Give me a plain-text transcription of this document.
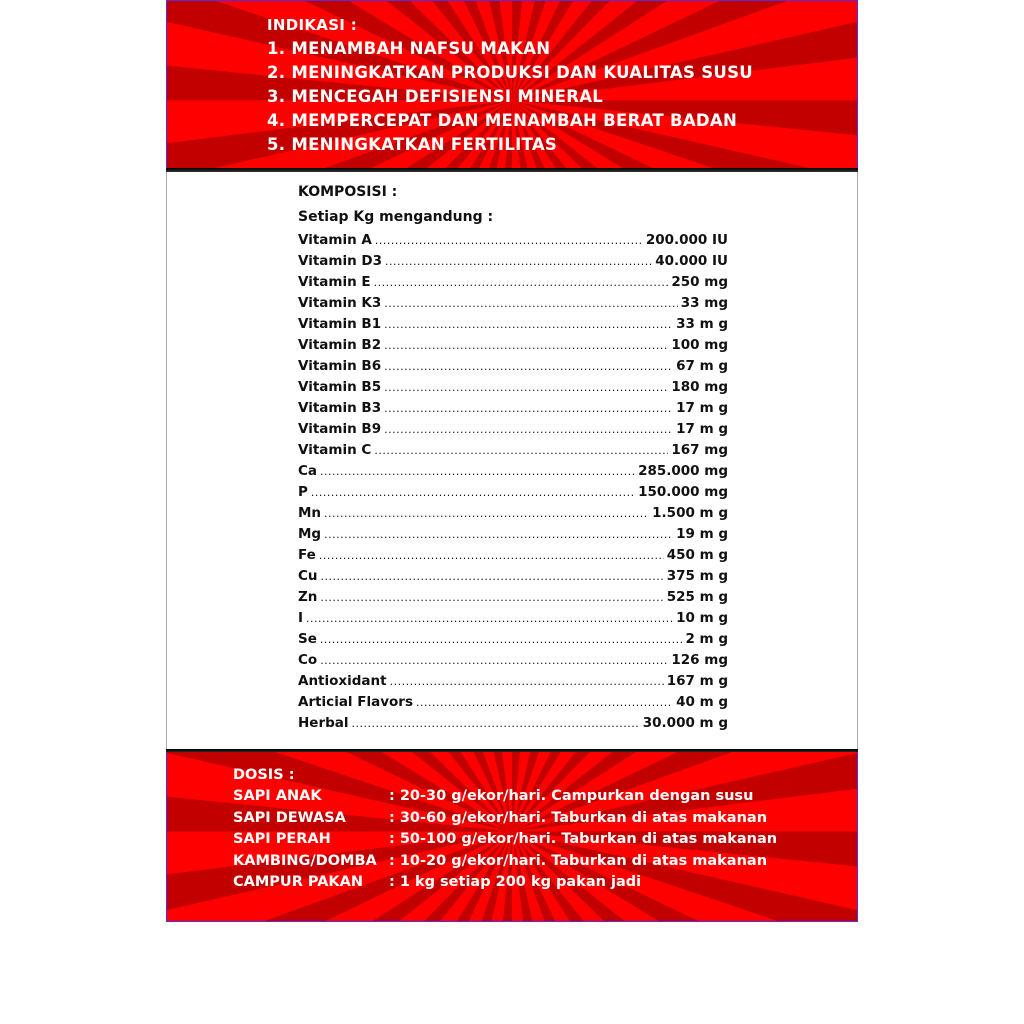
INDIKASI :
1. MENAMBAH NAFSU MAKAN
2. MENINGKATKAN PRODUKSI DAN KUALITAS SUSU
3. MENCEGAH DEFISIENSI MINERAL
4. MEMPERCEPAT DAN MENAMBAH BERAT BADAN
5. MENINGKATKAN FERTILITAS
KOMPOSISI :
Setiap Kg mengandung :
Vitamin A .....	200.000 IU
Vitamin D3 .....	40.000 IU
Vitamin E .....	250 mg
Vitamin K3 .....	33 mg
Vitamin B1 .....	33 m g
Vitamin B2 .....	100 mg
Vitamin B6 .....	67 m g
Vitamin B5 .....	180 mg
Vitamin B3 .....	17 m g
Vitamin B9 .....	17 m g
Vitamin C .....	167 mg
Ca .....	285.000 mg
P .....	150.000 mg
Mn .....	1.500 m g
Mg .....	19 m g
Fe .....	450 m g
Cu .....	375 m g
Zn .....	525 m g
I .....	10 m g
Se .....	2 m g
Co .....	126 mg
Antioxidant .....	167 m g
Articial Flavors .....	40 m g
Herbal .....	30.000 m g
DOSIS :
SAPI ANAK	: 20-30 g/ekor/hari. Campurkan dengan susu
SAPI DEWASA	: 30-60 g/ekor/hari. Taburkan di atas makanan
SAPI PERAH	: 50-100 g/ekor/hari. Taburkan di atas makanan
KAMBING/DOMBA : 10-20 g/ekor/hari. Taburkan di atas makanan
CAMPUR PAKAN	: 1 kg setiap 200 kg pakan jadi
